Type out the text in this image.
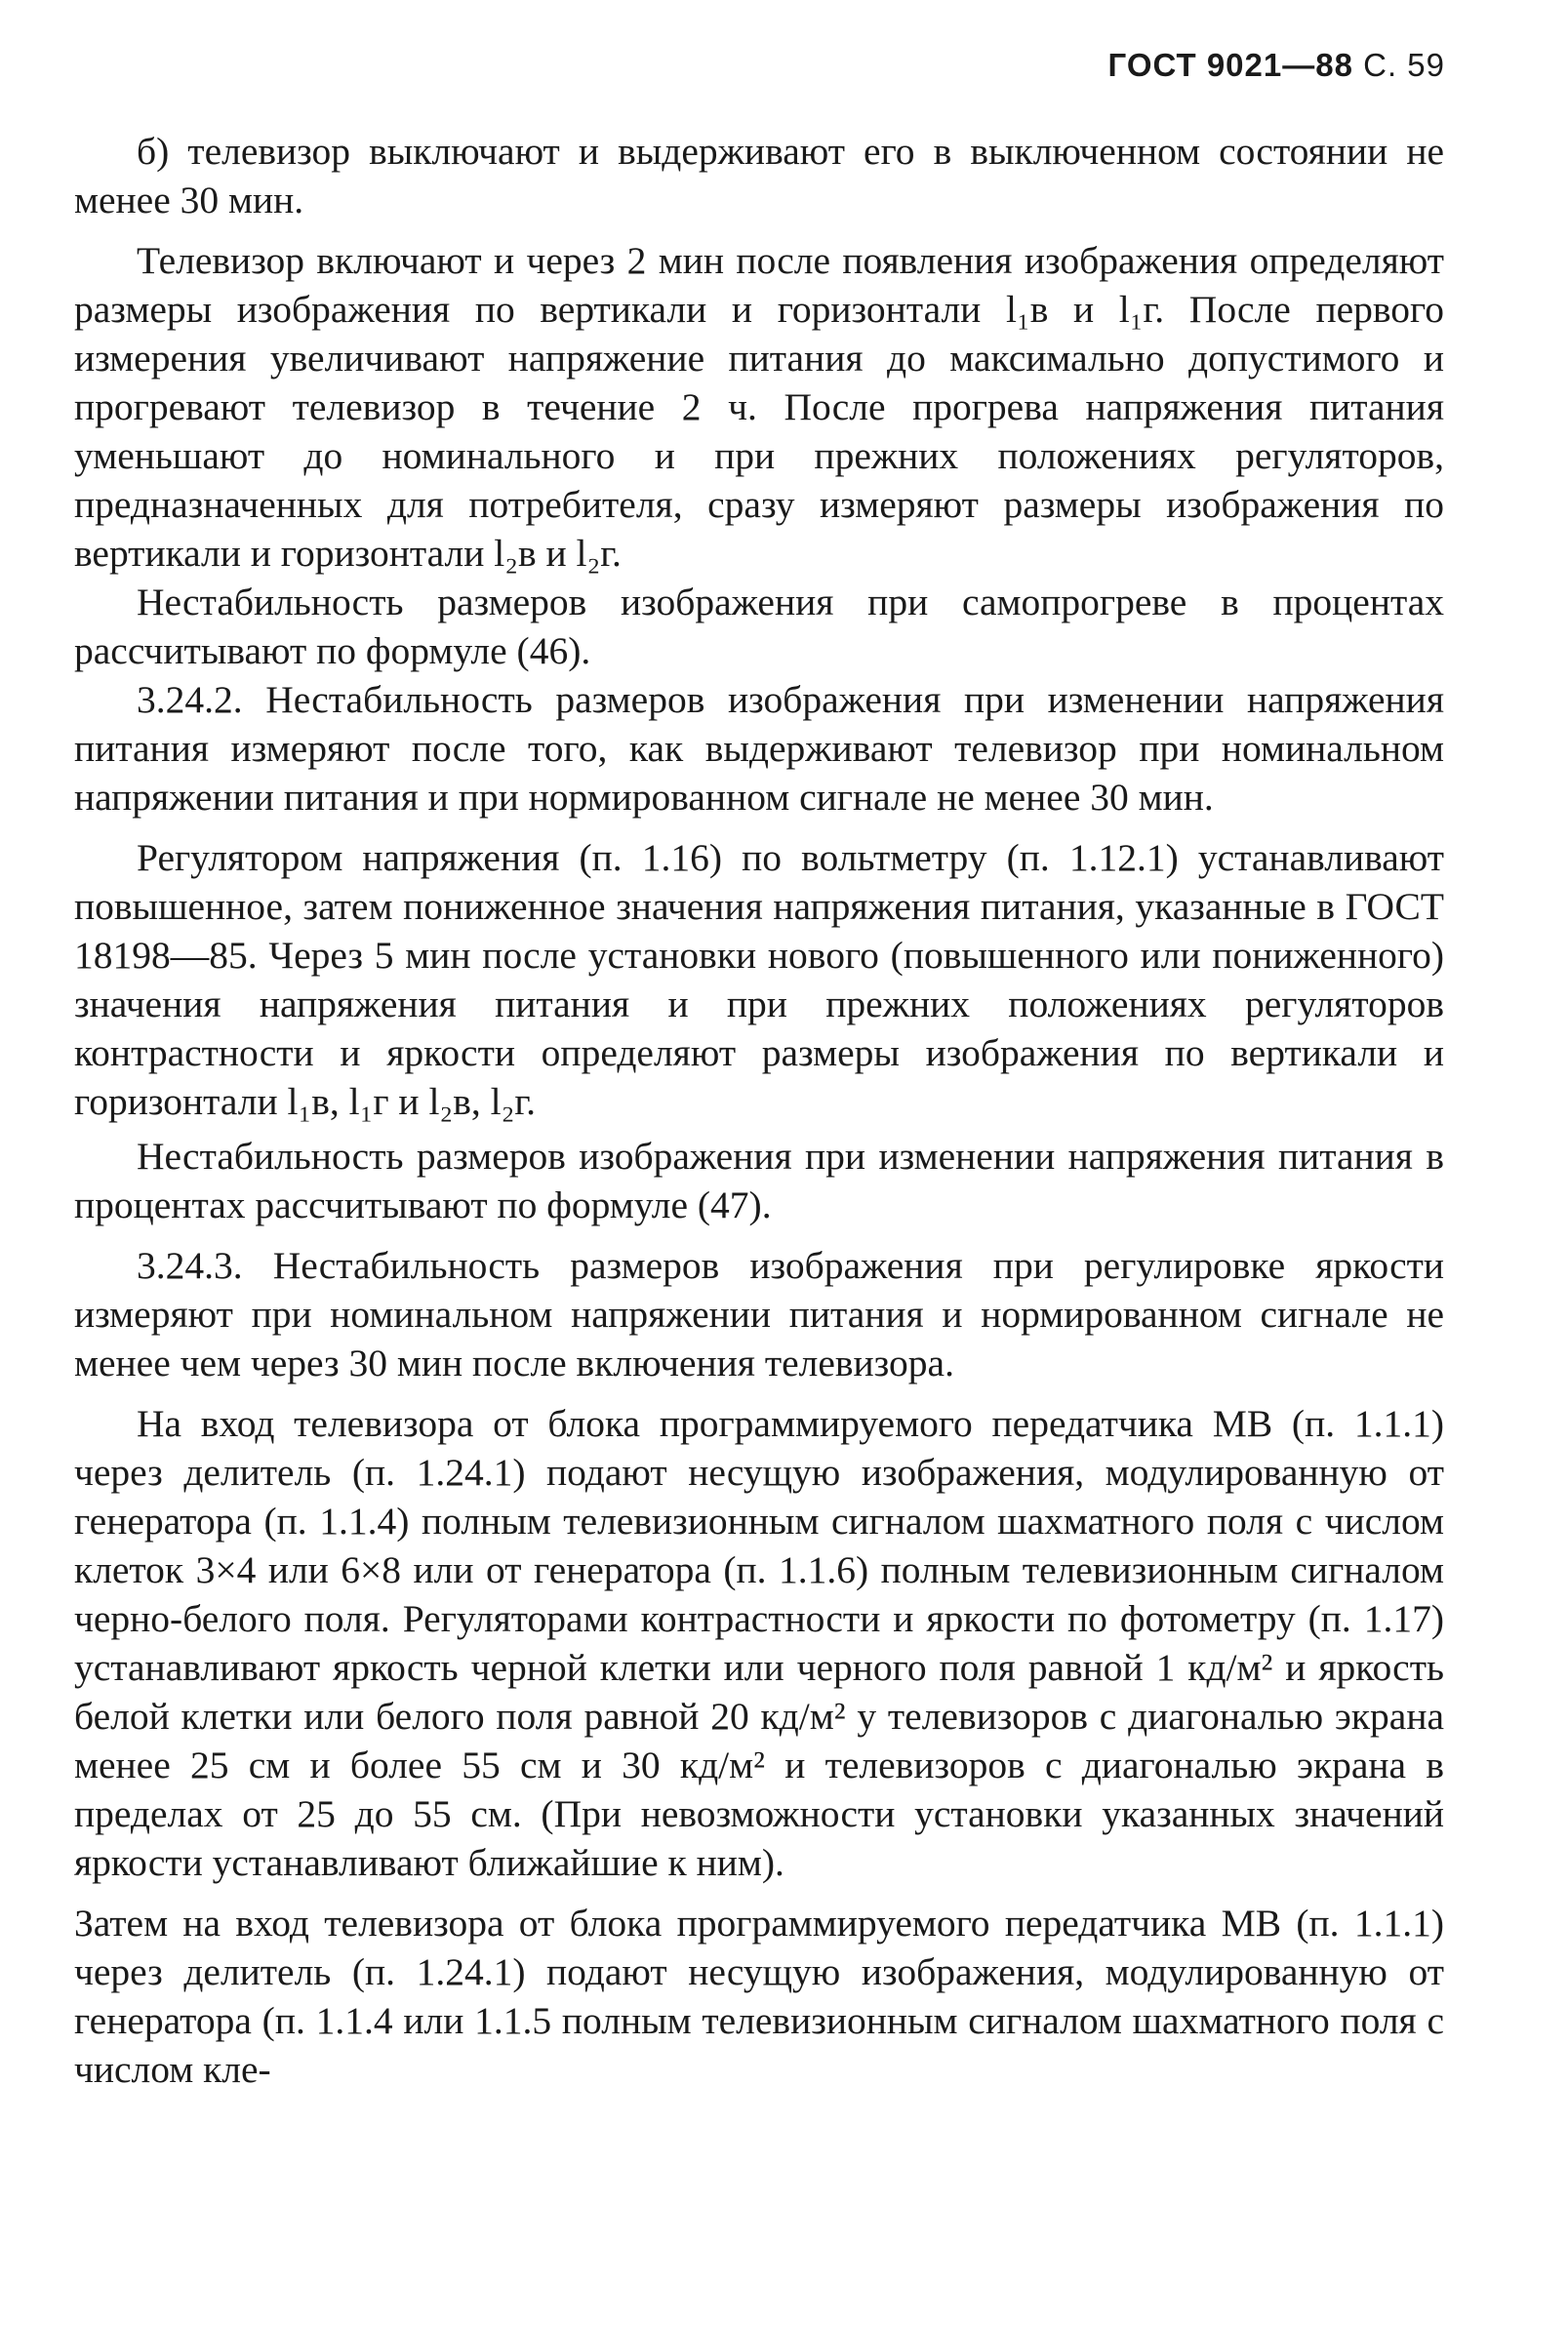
ГОСТ 9021—88 С. 59

б) телевизор выключают и выдерживают его в выключенном состоянии не менее 30 мин.

Телевизор включают и через 2 мин после появления изображения определяют размеры изображения по вертикали и горизонтали l₁в и l₁г. После первого измерения увеличивают напряжение питания до максимально допустимого и прогревают телевизор в течение 2 ч. После прогрева напряжения питания уменьшают до номинального и при прежних положениях регуляторов, предназначенных для потребителя, сразу измеряют размеры изображения по вертикали и горизонтали l₂в и l₂г.

Нестабильность размеров изображения при самопрогреве в процентах рассчитывают по формуле (46).

3.24.2. Нестабильность размеров изображения при изменении напряжения питания измеряют после того, как выдерживают телевизор при номинальном напряжении питания и при нормированном сигнале не менее 30 мин.

Регулятором напряжения (п. 1.16) по вольтметру (п. 1.12.1) устанавливают повышенное, затем пониженное значения напряжения питания, указанные в ГОСТ 18198—85. Через 5 мин после установки нового (повышенного или пониженного) значения напряжения питания и при прежних положениях регуляторов контрастности и яркости определяют размеры изображения по вертикали и горизонтали l₁в, l₁г и l₂в, l₂г.

Нестабильность размеров изображения при изменении напряжения питания в процентах рассчитывают по формуле (47).

3.24.3. Нестабильность размеров изображения при регулировке яркости измеряют при номинальном напряжении питания и нормированном сигнале не менее чем через 30 мин после включения телевизора.

На вход телевизора от блока программируемого передатчика МВ (п. 1.1.1) через делитель (п. 1.24.1) подают несущую изображения, модулированную от генератора (п. 1.1.4) полным телевизионным сигналом шахматного поля с числом клеток 3×4 или 6×8 или от генератора (п. 1.1.6) полным телевизионным сигналом черно-белого поля. Регуляторами контрастности и яркости по фотометру (п. 1.17) устанавливают яркость черной клетки или черного поля равной 1 кд/м² и яркость белой клетки или белого поля равной 20 кд/м² у телевизоров с диагональю экрана менее 25 см и более 55 см и 30 кд/м² и телевизоров с диагональю экрана в пределах от 25 до 55 см. (При невозможности установки указанных значений яркости устанавливают ближайшие к ним).

Затем на вход телевизора от блока программируемого передатчика МВ (п. 1.1.1) через делитель (п. 1.24.1) подают несущую изображения, модулированную от генератора (п. 1.1.4 или 1.1.5 полным телевизионным сигналом шахматного поля с числом кле-
